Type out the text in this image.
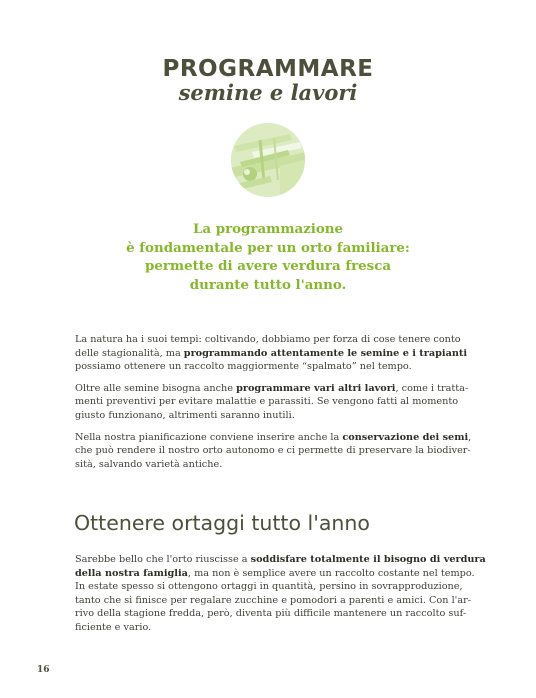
PROGRAMMARE
semine e lavori
La programmazione
è fondamentale per un orto familiare:
permette di avere verdura fresca
durante tutto l'anno.

La natura ha i suoi tempi: coltivando, dobbiamo per forza di cose tenere conto
delle stagionalità, ma programmando attentamente le semine e i trapianti
possiamo ottenere un raccolto maggiormente “spalmato” nel tempo.

Oltre alle semine bisogna anche programmare vari altri lavori, come i tratta-
menti preventivi per evitare malattie e parassiti. Se vengono fatti al momento
giusto funzionano, altrimenti saranno inutili.

Nella nostra pianificazione conviene inserire anche la conservazione dei semi,
che può rendere il nostro orto autonomo e ci permette di preservare la biodiver-
sità, salvando varietà antiche.

Ottenere ortaggi tutto l'anno

Sarebbe bello che l'orto riuscisse a soddisfare totalmente il bisogno di verdura
della nostra famiglia, ma non è semplice avere un raccolto costante nel tempo.
In estate spesso si ottengono ortaggi in quantità, persino in sovrapproduzione,
tanto che si finisce per regalare zucchine e pomodori a parenti e amici. Con l'ar-
rivo della stagione fredda, però, diventa più difficile mantenere un raccolto suf-
ficiente e vario.

16
